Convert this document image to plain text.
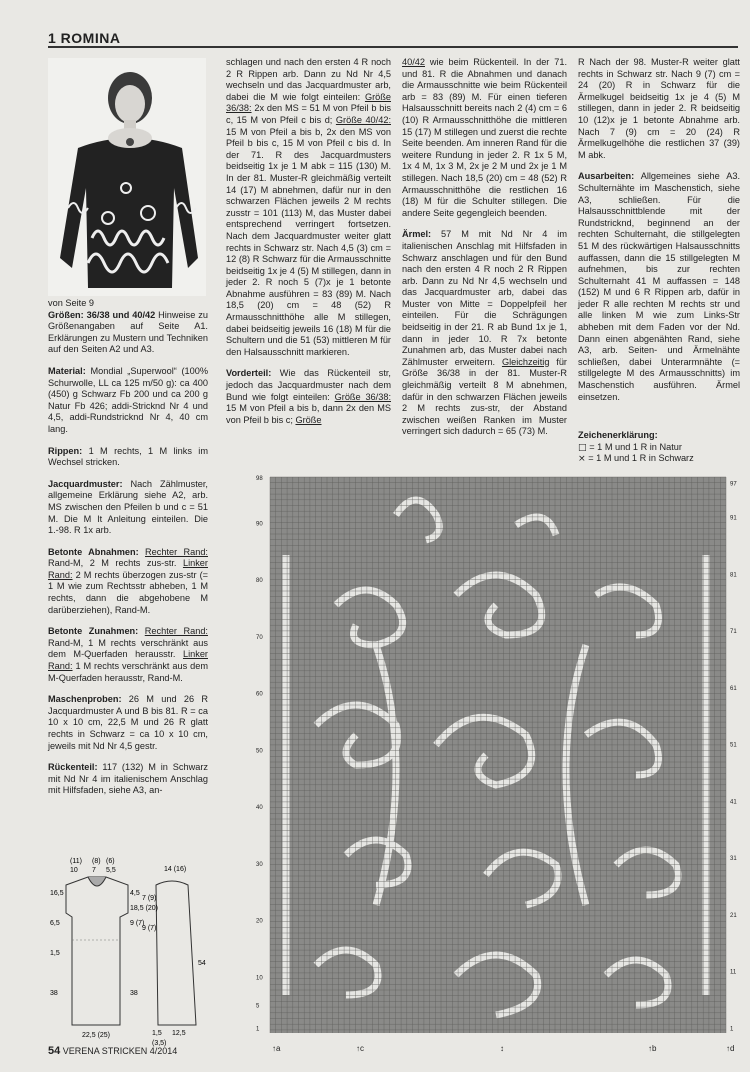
1 ROMINA

von Seite 9
Größen: 36/38 und 40/42 Hinweise zu Größenangaben auf Seite A1. Erklärungen zu Mustern und Techniken auf den Seiten A2 und A3.

Material: Mondial „Superwool“ (100% Schurwolle, LL ca 125 m/50 g): ca 400 (450) g Schwarz Fb 200 und ca 200 g Natur Fb 426; addi-Stricknd Nr 4 und 4,5, addi-Rundstricknd Nr 4, 40 cm lang.

Rippen: 1 M rechts, 1 M links im Wechsel stricken.

Jacquardmuster: Nach Zählmuster, allgemeine Erklärung siehe A2, arb. MS zwischen den Pfeilen b und c = 51 M. Die M It Anleitung einteilen. Die 1.-98. R 1x arb.

Betonte Abnahmen: Rechter Rand: Rand-M, 2 M rechts zus-str. Linker Rand: 2 M rechts überzogen zus-str (= 1 M wie zum Rechtsstr abheben, 1 M rechts, dann die abgehobene M darüberziehen), Rand-M.

Betonte Zunahmen: Rechter Rand: Rand-M, 1 M rechts verschränkt aus dem M-Querfaden herausstr. Linker Rand: 1 M rechts verschränkt aus dem M-Querfaden herausstr, Rand-M.

Maschenproben: 26 M und 26 R Jacquardmuster A und B bis 81. R = ca 10 x 10 cm, 22,5 M und 26 R glatt rechts in Schwarz = ca 10 x 10 cm, jeweils mit Nd Nr 4,5 gestr.

Rückenteil: 117 (132) M in Schwarz mit Nd Nr 4 im italienischem Anschlag mit Hilfsfaden, siehe A3, an-

schlagen und nach den ersten 4 R noch 2 R Rippen arb. Dann zu Nd Nr 4,5 wechseln und das Jacquardmuster arb, dabei die M wie folgt einteilen: Größe 36/38: 2x den MS = 51 M von Pfeil b bis c, 15 M von Pfeil c bis d; Größe 40/42: 15 M von Pfeil a bis b, 2x den MS von Pfeil b bis c, 15 M von Pfeil c bis d. In der 71. R des Jacquardmusters beidseitig 1x je 1 M abk = 115 (130) M. In der 81. Muster-R gleichmäßig verteilt 14 (17) M abnehmen, dafür nur in den schwarzen Flächen jeweils 2 M rechts zusstr = 101 (113) M, das Muster dabei entsprechend verringert fortsetzen. Nach dem Jacquardmuster weiter glatt rechts in Schwarz str. Nach 4,5 (3) cm = 12 (8) R Schwarz für die Armausschnitte beidseitig 1x je 4 (5) M stillegen, dann in jeder 2. R noch 5 (7)x je 1 betonte Abnahme ausführen = 83 (89) M. Nach 18,5 (20) cm = 48 (52) R Armausschnitthöhe alle M stillegen, dabei beidseitig jeweils 16 (18) M für die Schultern und die 51 (53) mittleren M für den Halsausschnitt markieren.

Vorderteil: Wie das Rückenteil str, jedoch das Jacquardmuster nach dem Bund wie folgt einteilen: Größe 36/38: 15 M von Pfeil a bis b, dann 2x den MS von Pfeil b bis c; Größe

40/42 wie beim Rückenteil. In der 71. und 81. R die Abnahmen und danach die Armausschnitte wie beim Rückenteil arb = 83 (89) M. Für einen tieferen Halsausschnitt bereits nach 2 (4) cm = 6 (10) R Armausschnitthöhe die mittleren 15 (17) M stillegen und zuerst die rechte Seite beenden. Am inneren Rand für die weitere Rundung in jeder 2. R 1x 5 M, 1x 4 M, 1x 3 M, 2x je 2 M und 2x je 1 M stillegen. Nach 18,5 (20) cm = 48 (52) R Armausschnitthöhe die restlichen 16 (18) M für die Schulter stillegen. Die andere Seite gegengleich beenden.

Ärmel: 57 M mit Nd Nr 4 im italienischen Anschlag mit Hilfsfaden in Schwarz anschlagen und für den Bund nach den ersten 4 R noch 2 R Rippen arb. Dann zu Nd Nr 4,5 wechseln und das Jacquardmuster arb, dabei das Muster von Mitte = Doppelpfeil her einteilen. Für die Schrägungen beidseitig in der 21. R ab Bund 1x je 1, dann in jeder 10. R 7x betonte Zunahmen arb, das Muster dabei nach Zählmuster erweitern. Gleichzeitig für Größe 36/38 in der 81. Muster-R gleichmäßig verteilt 8 M abnehmen, dafür in den schwarzen Flächen jeweils 2 M rechts zus-str, der Abstand zwischen weißen Ranken im Muster verringert sich dadurch = 65 (73) M.

R Nach der 98. Muster-R weiter glatt rechts in Schwarz str. Nach 9 (7) cm = 24 (20) R in Schwarz für die Ärmelkugel beidseitig 1x je 4 (5) M stillegen, dann in jeder 2. R beidseitig 10 (12)x je 1 betonte Abnahme arb. Nach 7 (9) cm = 20 (24) R Ärmelkugelhöhe die restlichen 37 (39) M abk.

Ausarbeiten: Allgemeines siehe A3. Schulternähte im Maschenstich, siehe A3, schließen. Für die Halsausschnittblende mit der Rundstricknd, beginnend an der rechten Schulternaht, die stillgelegten 51 M des rückwärtigen Halsausschnitts auffassen, dann die 15 stillgelegten M aufnehmen, bis zur rechten Schulternaht 41 M auffassen = 148 (152) M und 6 R Rippen arb, dafür in jeder R alle rechten M rechts str und alle linken M wie zum Links-Str abheben mit dem Faden vor der Nd. Dann einen abgenähten Rand, siehe A3, arb. Seiten- und Ärmelnähte schließen, dabei Unterarmnähte (= stillgelegte M des Armausschnitts) im Maschenstich ausführen. Ärmel einsetzen.

Zeichenerklärung:
□ = 1 M und 1 R in Natur
× = 1 M und 1 R in Schwarz
98
90
80
70
60
50
40
30
20
10
5
1
97
91
81
71
61
51
41
31
21
11
1
↑a	↑c	↑b	↑d
↕
(11) (8) (6)
10 7 5,5
16,5
6,5
1,5
38
4,5
18,5 (20)
9 (7)
38
22,5 (25)
14 (16)
7 (9)
9 (7)
54
1,5 12,5
(3,5)
54 VERENA STRICKEN 4/2014
